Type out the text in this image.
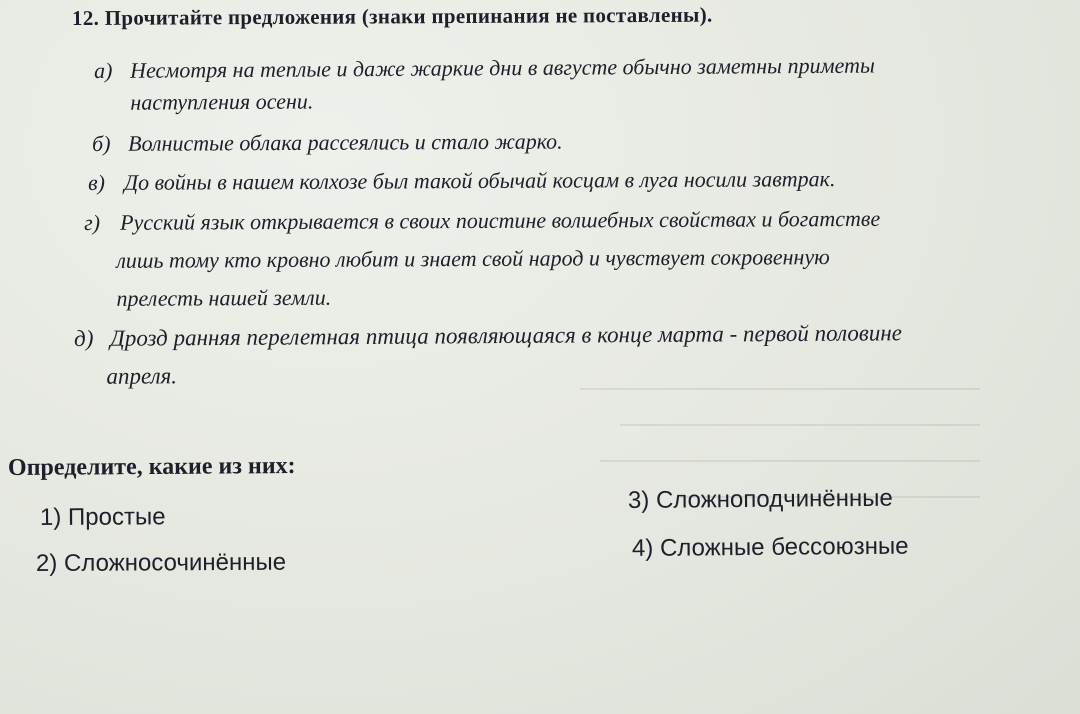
12. Прочитайте предложения (знаки препинания не поставлены).
а) Несмотря на теплые и даже жаркие дни в августе обычно заметны приметы
наступления осени.
б) Волнистые облака рассеялись и стало жарко.
в) До войны в нашем колхозе был такой обычай косцам в луга носили завтрак.
г) Русский язык открывается в своих поистине волшебных свойствах и богатстве
лишь тому кто кровно любит и знает свой народ и чувствует сокровенную
прелесть нашей земли.
д) Дрозд ранняя перелетная птица появляющаяся в конце марта - первой половине
апреля.
Определите, какие из них:
1) Простые
2) Сложносочинённые
3) Сложноподчинённые
4) Сложные бессоюзные
